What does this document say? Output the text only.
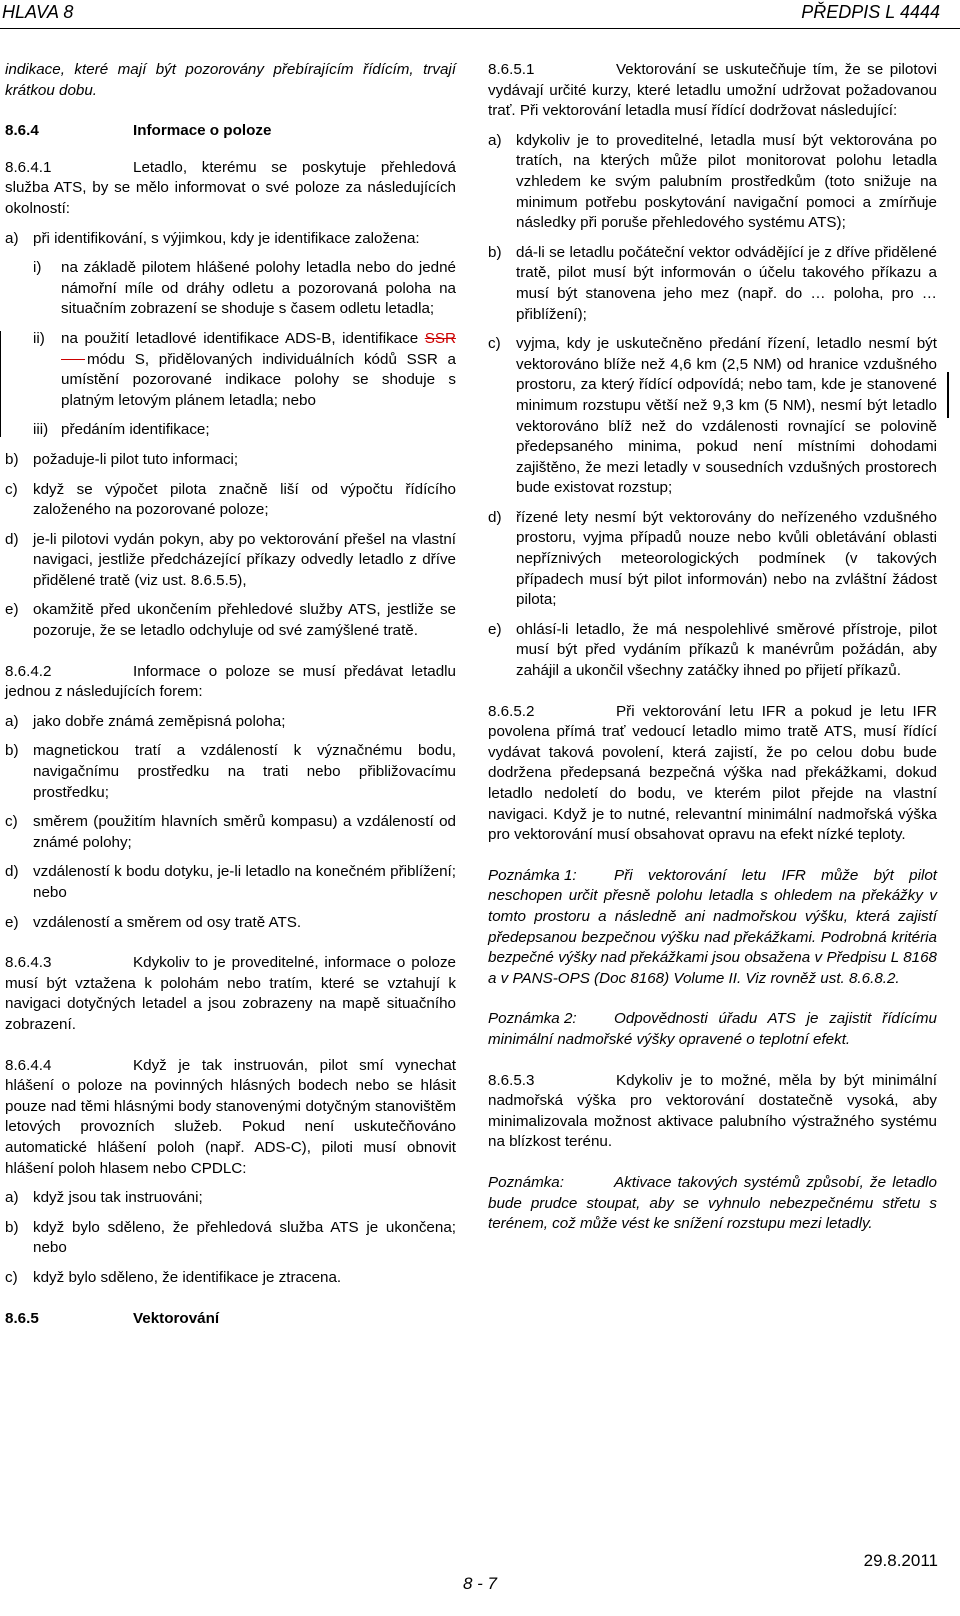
HLAVA 8	PŘEDPIS L 4444

indikace, které mají být pozorovány přebírajícím řídícím, trvají krátkou dobu.

8.6.4	Informace o poloze

8.6.4.1	Letadlo, kterému se poskytuje přehledová služba ATS, by se mělo informovat o své poloze za následujících okolností:

a) při identifikování, s výjimkou, kdy je identifikace založena:
i)	na základě pilotem hlášené polohy letadla nebo do jedné námořní míle od dráhy odletu a pozorovaná poloha na situačním zobrazení se shoduje s časem odletu letadla;
ii)	na použití letadlové identifikace ADS-B, identifikace SSRmódu S, přidělovaných individuálních kódů SSR a umístění pozorované indikace polohy se shoduje s platným letovým plánem letadla; nebo
iii) předáním identifikace;
b) požaduje-li pilot tuto informaci;
c)	když se výpočet pilota značně liší od výpočtu řídícího založeného na pozorované poloze;
d) je-li pilotovi vydán pokyn, aby po vektorování přešel na vlastní navigaci, jestliže předcházející příkazy odvedly letadlo z dříve přidělené tratě (viz ust. 8.6.5.5),
e) okamžitě před ukončením přehledové služby ATS, jestliže se pozoruje, že se letadlo odchyluje od své zamýšlené tratě.

8.6.4.2	Informace o poloze se musí předávat letadlu jednou z následujících forem:

a) jako dobře známá zeměpisná poloha;
b) magnetickou tratí a vzdáleností k význačnému bodu, navigačnímu prostředku na trati nebo přibližovacímu prostředku;
c)	směrem (použitím hlavních směrů kompasu) a vzdáleností od známé polohy;
d) vzdáleností k bodu dotyku, je-li letadlo na konečném přiblížení; nebo
e) vzdáleností a směrem od osy tratě ATS.

8.6.4.3	Kdykoliv to je proveditelné, informace o poloze musí být vztažena k polohám nebo tratím, které se vztahují k navigaci dotyčných letadel a jsou zobrazeny na mapě situačního zobrazení.

8.6.4.4	Když je tak instruován, pilot smí vynechat hlášení o poloze na povinných hlásných bodech nebo se hlásit pouze nad těmi hlásnými body stanovenými dotyčným stanovištěm letových provozních služeb. Pokud není uskutečňováno automatické hlášení poloh (např. ADS-C), piloti musí obnovit hlášení poloh hlasem nebo CPDLC:

a) když jsou tak instruováni;
b) když bylo sděleno, že přehledová služba ATS je ukončena; nebo
c)	když bylo sděleno, že identifikace je ztracena.
8.6.5	Vektorování

8.6.5.1	Vektorování se uskutečňuje tím, že se pilotovi vydávají určité kurzy, které letadlu umožní udržovat požadovanou trať. Při vektorování letadla musí řídící dodržovat následující:

a) kdykoliv je to proveditelné, letadla musí být vektorována po tratích, na kterých může pilot monitorovat polohu letadla vzhledem ke svým palubním prostředkům (toto snižuje na minimum potřebu poskytování navigační pomoci a zmírňuje následky při poruše přehledového systému ATS);
b) dá-li se letadlu počáteční vektor odvádějící je z dříve přidělené tratě, pilot musí být informován o účelu takového příkazu a musí být stanovena jeho mez (např. do … poloha, pro … přiblížení);
c)	vyjma, kdy je uskutečněno předání řízení, letadlo nesmí být vektorováno blíže než 4,6 km (2,5 NM) od hranice vzdušného prostoru, za který řídící odpovídá; nebo tam, kde je stanovené minimum rozstupu větší než 9,3 km (5 NM), nesmí být letadlo vektorováno blíž než do vzdálenosti rovnající se polovině předepsaného minima, pokud není místními dohodami zajištěno, že mezi letadly v sousedních vzdušných prostorech bude existovat rozstup;
d) řízené lety nesmí být vektorovány do neřízeného vzdušného prostoru, vyjma případů nouze nebo kvůli obletávání oblasti nepříznivých meteorologických podmínek (v takových případech musí být pilot informován) nebo na zvláštní žádost pilota;
e) ohlásí-li letadlo, že má nespolehlivé směrové přístroje, pilot musí být před vydáním příkazů k manévrům požádán, aby zahájil a ukončil všechny zatáčky ihned po přijetí příkazů.

8.6.5.2	Při vektorování letu IFR a pokud je letu IFR povolena přímá trať vedoucí letadlo mimo tratě ATS, musí řídící vydávat taková povolení, která zajistí, že po celou dobu bude dodržena předepsaná bezpečná výška nad překážkami, dokud letadlo nedoletí do bodu, ve kterém pilot přejde na vlastní navigaci. Když je to nutné, relevantní minimální nadmořská výška pro vektorování musí obsahovat opravu na efekt nízké teploty.

Poznámka 1: Při vektorování letu IFR může být pilot neschopen určit přesně polohu letadla s ohledem na překážky v tomto prostoru a následně ani nadmořskou výšku, která zajistí předepsanou bezpečnou výšku nad překážkami. Podrobná kritéria bezpečné výšky nad překážkami jsou obsažena v Předpisu L 8168 a v PANS-OPS (Doc 8168) Volume II. Viz rovněž ust. 8.6.8.2.

Poznámka 2: Odpovědnosti úřadu ATS je zajistit řídícímu minimální nadmořské výšky opravené o teplotní efekt.

8.6.5.3	Kdykoliv je to možné, měla by být minimální nadmořská výška pro vektorování dostatečně vysoká, aby minimalizovala možnost aktivace palubního výstražného systému na blízkost terénu.

Poznámka:	Aktivace takových systémů způsobí, že letadlo bude prudce stoupat, aby se vyhnulo nebezpečnému střetu s terénem, což může vést ke snížení rozstupu mezi letadly.

29.8.2011
8 - 7
